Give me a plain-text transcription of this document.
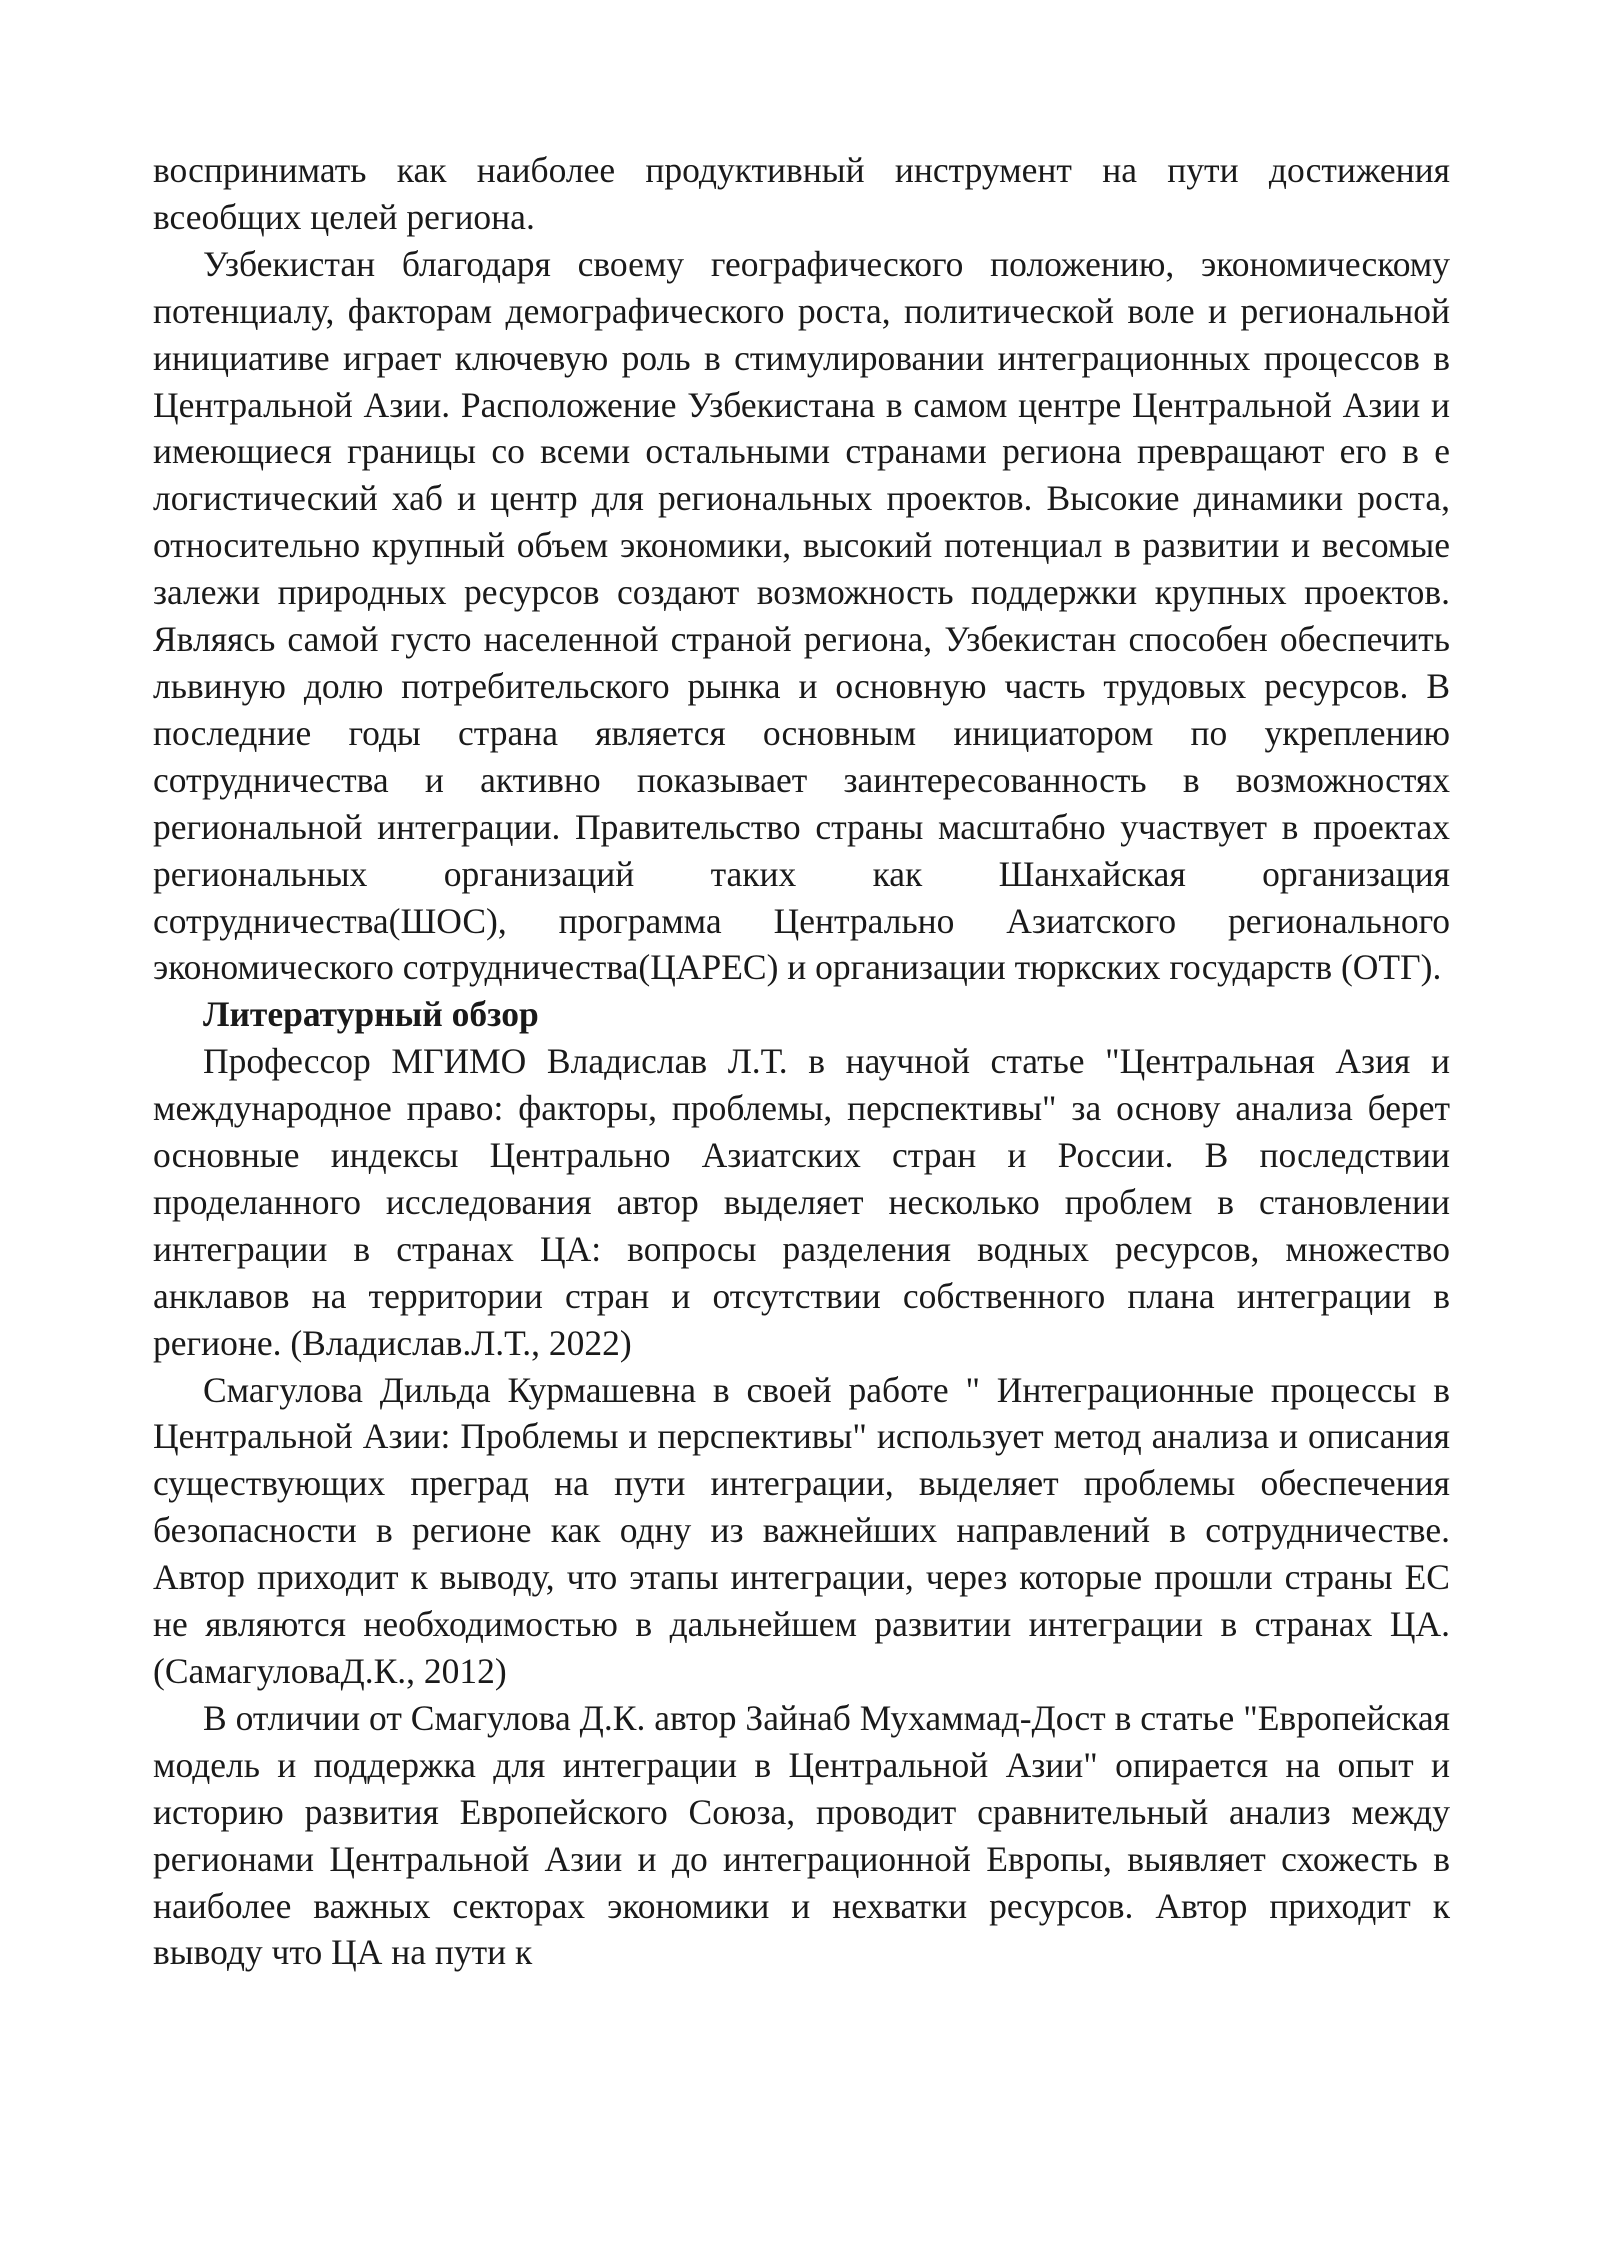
воспринимать как наиболее продуктивный инструмент на пути достижения всеобщих целей региона.

Узбекистан благодаря своему географического положению, экономическому потенциалу, факторам демографического роста, политической воле и региональной инициативе играет ключевую роль в стимулировании интеграционных процессов в Центральной Азии. Расположение Узбекистана в самом центре Центральной Азии и имеющиеся границы со всеми остальными странами региона превращают его в е логистический хаб и центр для региональных проектов. Высокие динамики роста, относительно крупный объем экономики, высокий потенциал в развитии и весомые залежи природных ресурсов создают возможность поддержки крупных проектов. Являясь самой густо населенной страной региона, Узбекистан способен обеспечить львиную долю потребительского рынка и основную часть трудовых ресурсов. В последние годы страна является основным инициатором по укреплению сотрудничества и активно показывает заинтересованность в возможностях региональной интеграции. Правительство страны масштабно участвует в проектах региональных организаций таких как Шанхайская организация сотрудничества(ШОС), программа Центрально Азиатского регионального экономического сотрудничества(ЦАРЕС) и организации тюркских государств (ОТГ).

Литературный обзор

Профессор МГИМО Владислав Л.Т. в научной статье "Центральная Азия и международное право: факторы, проблемы, перспективы" за основу анализа берет основные индексы Центрально Азиатских стран и России. В последствии проделанного исследования автор выделяет несколько проблем в становлении интеграции в странах ЦА: вопросы разделения водных ресурсов, множество анклавов на территории стран и отсутствии собственного плана интеграции в регионе. (Владислав.Л.Т., 2022)

Смагулова Дильда Курмашевна в своей работе " Интеграционные процессы в Центральной Азии: Проблемы и перспективы" использует метод анализа и описания существующих преград на пути интеграции, выделяет проблемы обеспечения безопасности в регионе как одну из важнейших направлений в сотрудничестве. Автор приходит к выводу, что этапы интеграции, через которые прошли страны ЕС не являются необходимостью в дальнейшем развитии интеграции в странах ЦА. (СамагуловаД.К., 2012)

В отличии от Смагулова Д.К. автор Зайнаб Мухаммад-Дост в статье "Европейская модель и поддержка для интеграции в Центральной Азии" опирается на опыт и историю развития Европейского Союза, проводит сравнительный анализ между регионами Центральной Азии и до интеграционной Европы, выявляет схожесть в наиболее важных секторах экономики и нехватки ресурсов. Автор приходит к выводу что ЦА на пути к
